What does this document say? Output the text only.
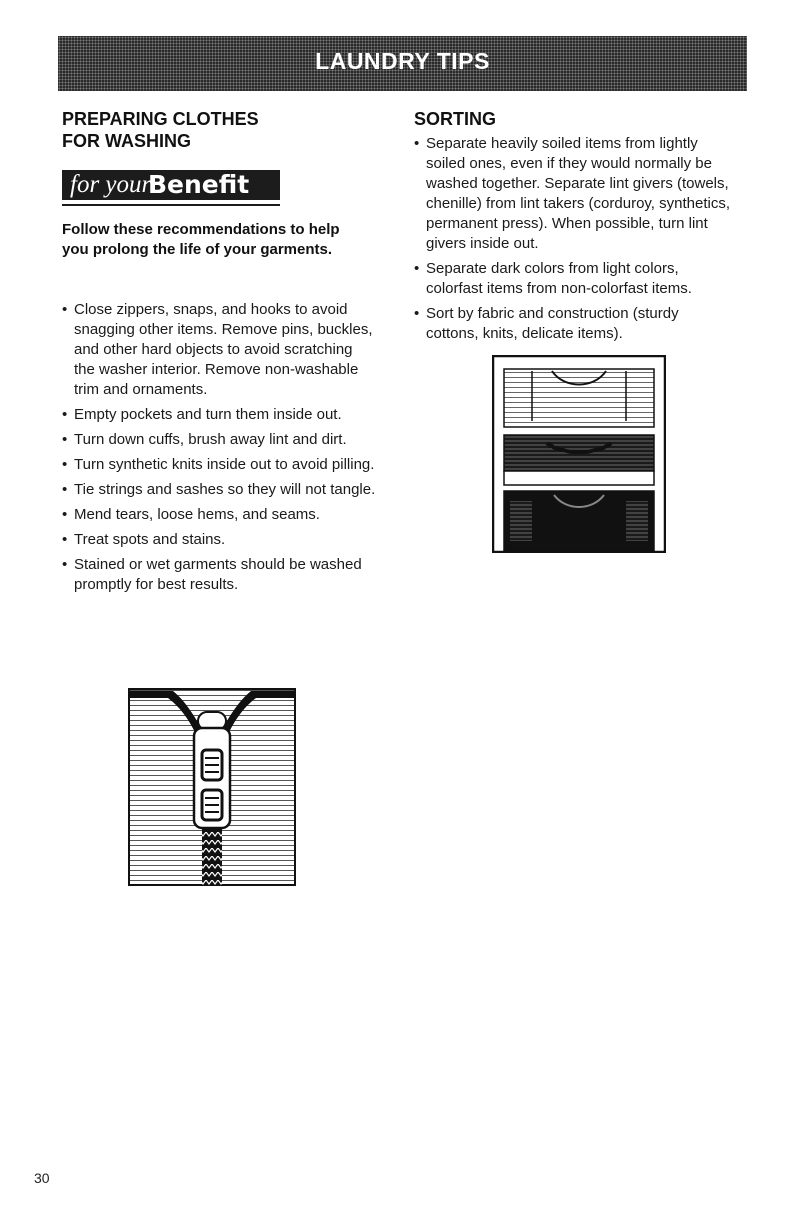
LAUNDRY TIPS
PREPARING CLOTHES
FOR WASHING
for your
Benefit

Follow these recommendations to help you prolong the life of your garments.

• Close zippers, snaps, and hooks to avoid snagging other items. Remove pins, buckles, and other hard objects to avoid scratching the washer interior. Remove non-washable trim and ornaments.
• Empty pockets and turn them inside out.
• Turn down cuffs, brush away lint and dirt.
• Turn synthetic knits inside out to avoid pilling.
• Tie strings and sashes so they will not tangle.
• Mend tears, loose hems, and seams.
• Treat spots and stains.
• Stained or wet garments should be washed promptly for best results.
SORTING
• Separate heavily soiled items from lightly soiled ones, even if they would normally be washed together. Separate lint givers (towels, chenille) from lint takers (corduroy, synthetics, permanent press). When possible, turn lint givers inside out.
• Separate dark colors from light colors, colorfast items from non-colorfast items.
• Sort by fabric and construction (sturdy cottons, knits, delicate items).
30
